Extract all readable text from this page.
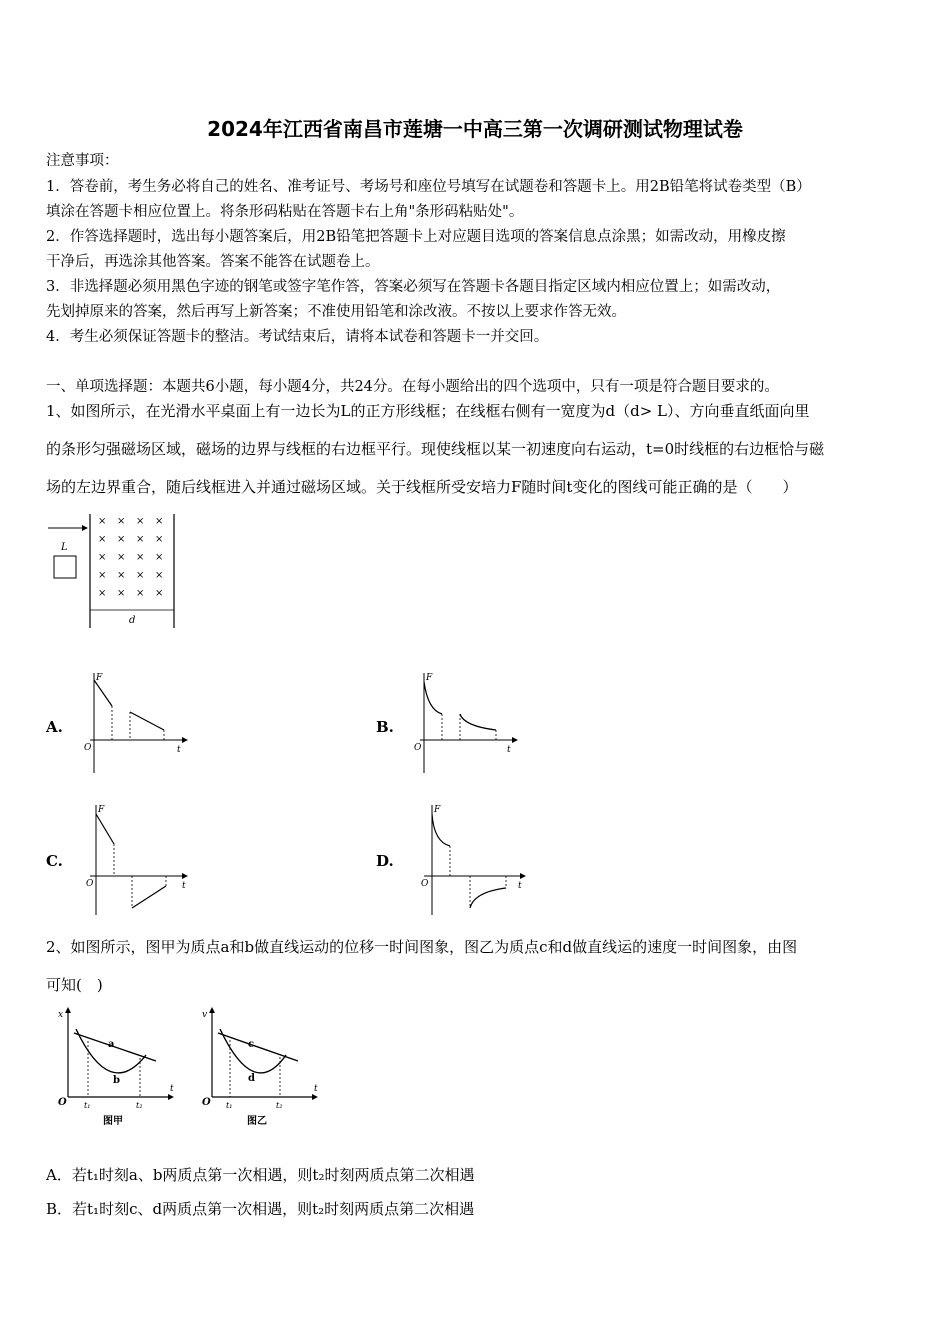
2024年江西省南昌市莲塘一中高三第一次调研测试物理试卷
注意事项：
1．答卷前，考生务必将自己的姓名、准考证号、考场号和座位号填写在试题卷和答题卡上。用2B铅笔将试卷类型（B）
填涂在答题卡相应位置上。将条形码粘贴在答题卡右上角"条形码粘贴处"。
2．作答选择题时，选出每小题答案后，用2B铅笔把答题卡上对应题目选项的答案信息点涂黑；如需改动，用橡皮擦
干净后，再选涂其他答案。答案不能答在试题卷上。
3．非选择题必须用黑色字迹的钢笔或签字笔作答，答案必须写在答题卡各题目指定区域内相应位置上；如需改动，
先划掉原来的答案，然后再写上新答案；不准使用铅笔和涂改液。不按以上要求作答无效。
4．考生必须保证答题卡的整洁。考试结束后，请将本试卷和答题卡一并交回。
一、单项选择题：本题共6小题，每小题4分，共24分。在每小题给出的四个选项中，只有一项是符合题目要求的。
1、如图所示，在光滑水平桌面上有一边长为L的正方形线框；在线框右侧有一宽度为d（d> L）、方向垂直纸面向里
的条形匀强磁场区域，磁场的边界与线框的右边框平行。现使线框以某一初速度向右运动，t=0时线框的右边框恰与磁
场的左边界重合，随后线框进入并通过磁场区域。关于线框所受安培力F随时间t变化的图线可能正确的是（　　）
L
× × × ×
× × × ×
× × × ×
× × × ×
× × × ×
d
A.	B.
C.	D.
F
t
O
F
t
O
F
t
O
F
t
O
2、如图所示，图甲为质点a和b做直线运动的位移一时间图象，图乙为质点c和d做直线运的速度一时间图象，由图
可知(　)
x
t
O
a
b
t₁	t₂
图甲
v
t
O
c
d
t₁	t₂
图乙
A．若t₁时刻a、b两质点第一次相遇，则t₂时刻两质点第二次相遇
B．若t₁时刻c、d两质点第一次相遇，则t₂时刻两质点第二次相遇
